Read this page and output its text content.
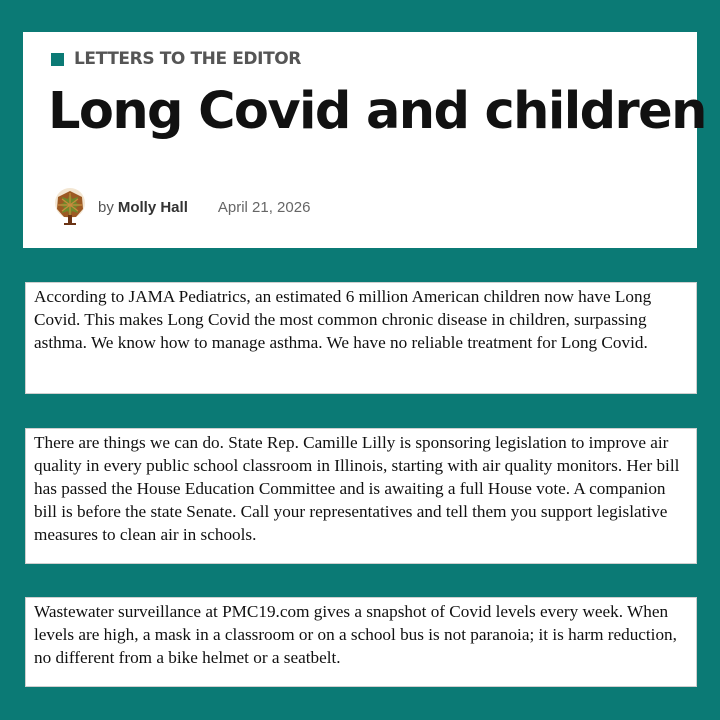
LETTERS TO THE EDITOR
Long Covid and children
by Molly Hall April 21, 2026

According to JAMA Pediatrics, an estimated 6 million American children now have Long Covid. This makes Long Covid the most common chronic disease in children, surpassing asthma. We know how to manage asthma. We have no reliable treatment for Long Covid.

There are things we can do. State Rep. Camille Lilly is sponsoring legislation to improve air quality in every public school classroom in Illinois, starting with air quality monitors. Her bill has passed the House Education Committee and is awaiting a full House vote. A companion bill is before the state Senate. Call your representatives and tell them you support legislative measures to clean air in schools.

Wastewater surveillance at PMC19.com gives a snapshot of Covid levels every week. When levels are high, a mask in a classroom or on a school bus is not paranoia; it is harm reduction, no different from a bike helmet or a seatbelt.
